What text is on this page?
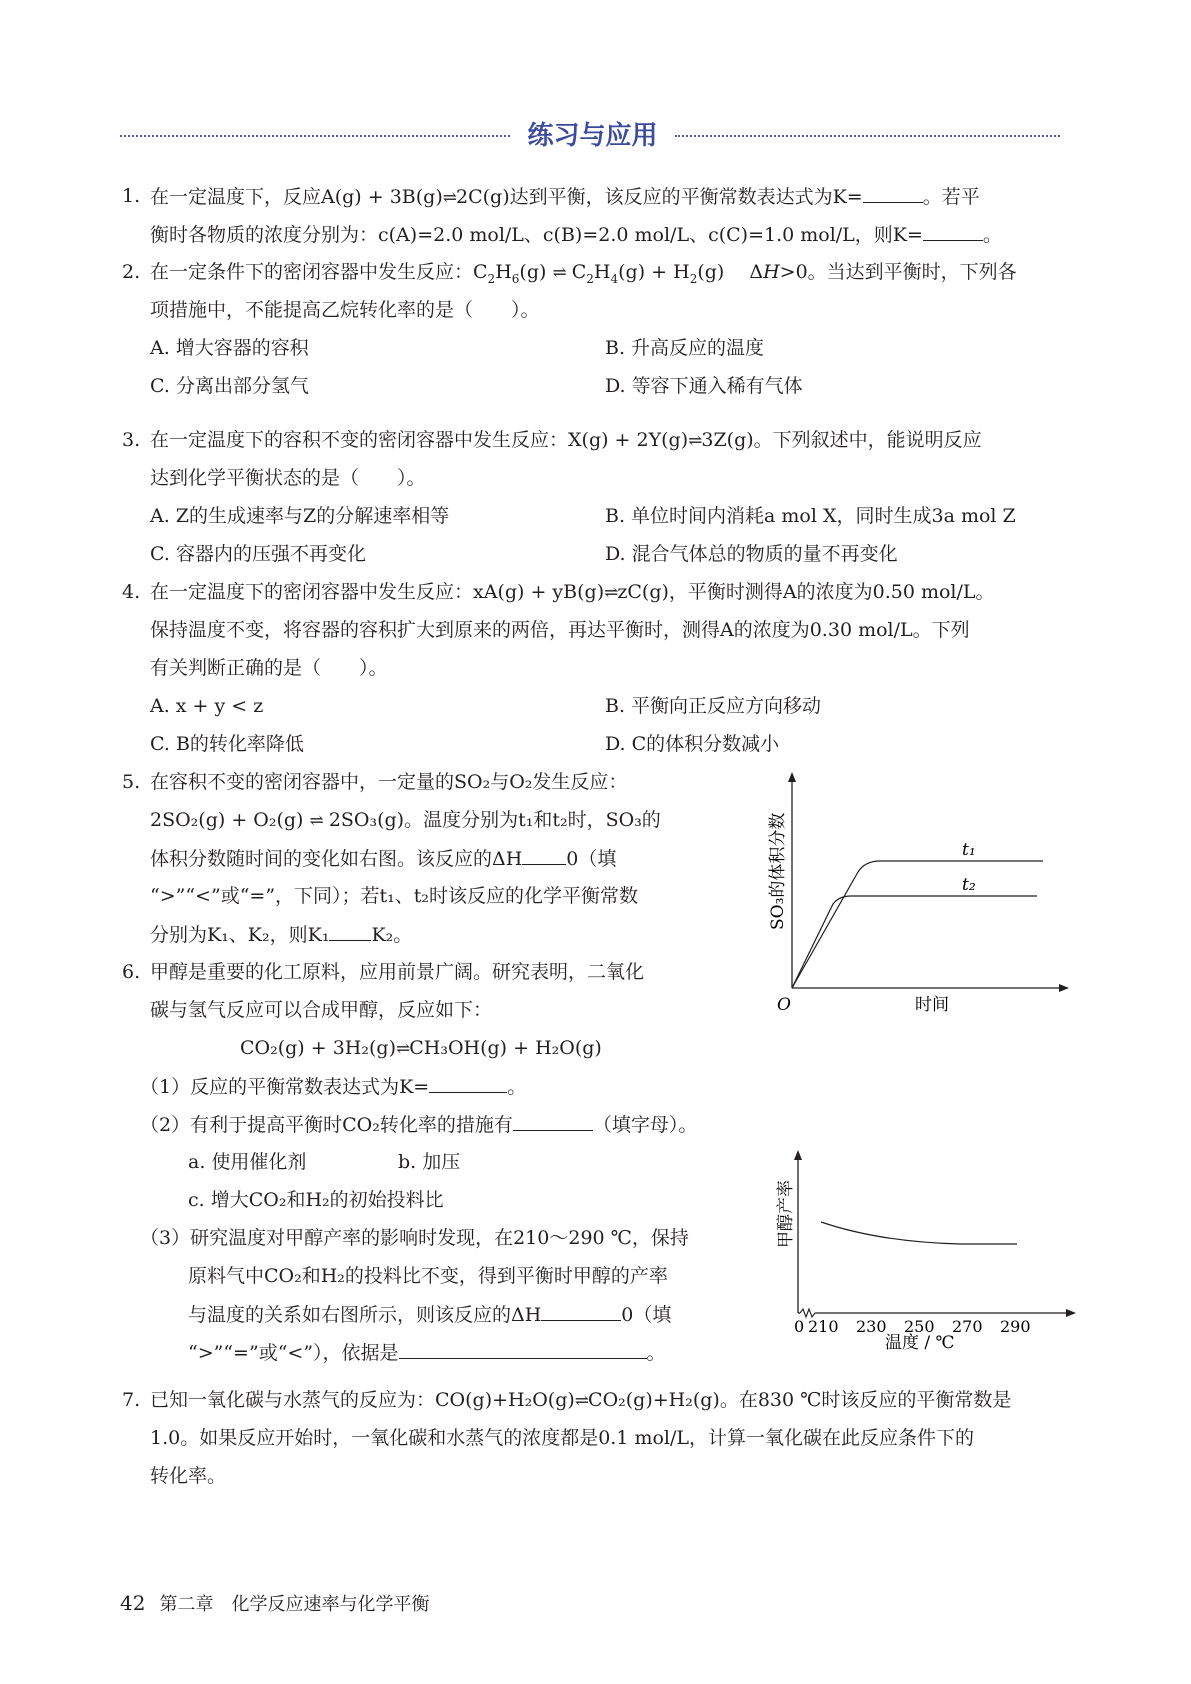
练习与应用
1. 在一定温度下，反应A(g) + 3B(g)⇌2C(g)达到平衡，该反应的平衡常数表达式为K=	。若平
衡时各物质的浓度分别为：c(A)=2.0 mol/L、c(B)=2.0 mol/L、c(C)=1.0 mol/L，则K=	。
2. 在一定条件下的密闭容器中发生反应：$C_2H_6(g)$ ⇌ $C_2H_4(g) + H_2(g)$　 ΔH>0。当达到平衡时，下列各
项措施中，不能提高乙烷转化率的是（　　）。
A. 增大容器的容积	B. 升高反应的温度
C. 分离出部分氢气	D. 等容下通入稀有气体
3. 在一定温度下的容积不变的密闭容器中发生反应：X(g) + 2Y(g)⇌3Z(g)。下列叙述中，能说明反应
达到化学平衡状态的是（　　）。
A. Z的生成速率与Z的分解速率相等	B. 单位时间内消耗a mol X，同时生成3a mol Z
C. 容器内的压强不再变化	D. 混合气体总的物质的量不再变化
4. 在一定温度下的密闭容器中发生反应：xA(g) + yB(g)⇌zC(g)，平衡时测得A的浓度为0.50 mol/L。
保持温度不变，将容器的容积扩大到原来的两倍，再达平衡时，测得A的浓度为0.30 mol/L。下列
有关判断正确的是（　　）。
A. x + y < z	B. 平衡向正反应方向移动
C. B的转化率降低	D. C的体积分数减小
5. 在容积不变的密闭容器中，一定量的SO₂与O₂发生反应：
2SO₂(g) + O₂(g) ⇌ 2SO₃(g)。温度分别为t₁和t₂时，SO₃的
体积分数随时间的变化如右图。该反应的ΔH 0（填
“>”“<”或“=”，下同）；若t₁、t₂时该反应的化学平衡常数
分别为K₁、K₂，则K₁ K₂。
6. 甲醇是重要的化工原料，应用前景广阔。研究表明，二氧化
碳与氢气反应可以合成甲醇，反应如下：
CO₂(g) + 3H₂(g)⇌CH₃OH(g) + H₂O(g)
（1）反应的平衡常数表达式为K=	。
（2）有利于提高平衡时CO₂转化率的措施有	（填字母）。
a. 使用催化剂	b. 加压
c. 增大CO₂和H₂的初始投料比
（3）研究温度对甲醇产率的影响时发现，在210～290 ℃，保持
原料气中CO₂和H₂的投料比不变，得到平衡时甲醇的产率
与温度的关系如右图所示，则该反应的ΔH	0（填
“>”“=”或“<”），依据是	。
7. 已知一氧化碳与水蒸气的反应为：CO(g)+H₂O(g)⇌CO₂(g)+H₂(g)。在830 ℃时该反应的平衡常数是
1.0。如果反应开始时，一氧化碳和水蒸气的浓度都是0.1 mol/L，计算一氧化碳在此反应条件下的
转化率。
t₁
t₂
SO₃的体积分数
时间
O
0 210 230 250 270 290
甲醇产率
温度 / ℃
42 第二章　化学反应速率与化学平衡
